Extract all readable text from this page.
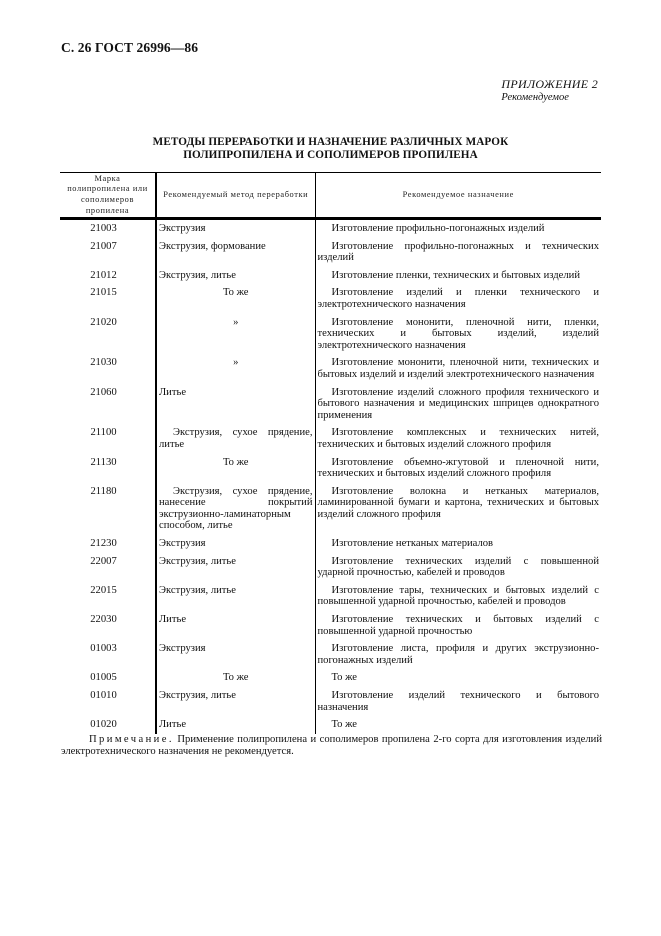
С. 26 ГОСТ 26996—86
ПРИЛОЖЕНИЕ 2
Рекомендуемое
МЕТОДЫ ПЕРЕРАБОТКИ И НАЗНАЧЕНИЕ РАЗЛИЧНЫХ МАРОК
ПОЛИПРОПИЛЕНА И СОПОЛИМЕРОВ ПРОПИЛЕНА
Марка полипропилена или сополимеров пропилена	Рекомендуемый метод переработки	Рекомендуемое назначение
21003	Экструзия	Изготовление профильно-погонажных изделий
21007	Экструзия, формование	Изготовление профильно-погонажных и технических изделий
21012	Экструзия, литье	Изготовление пленки, технических и бытовых изделий
21015	То же	Изготовление изделий и пленки технического и электротехнического назначения
21020	»	Изготовление мононити, пленочной нити, пленки, технических и бытовых изделий, изделий электротехнического назначения
21030	»	Изготовление мононити, пленочной нити, технических и бытовых изделий и изделий электротехнического назначения
21060	Литье	Изготовление изделий сложного профиля технического и бытового назначения и медицинских шприцев однократного применения
21100	Экструзия, сухое прядение, литье	Изготовление комплексных и технических нитей, технических и бытовых изделий сложного профиля
21130	То же	Изготовление объемно-жгутовой и пленочной нити, технических и бытовых изделий сложного профиля
21180	Экструзия, сухое прядение, нанесение покрытий экструзионно-ламинаторным способом, литье	Изготовление волокна и нетканых материалов, ламинированной бумаги и картона, технических и бытовых изделий сложного профиля
21230	Экструзия	Изготовление нетканых материалов
22007	Экструзия, литье	Изготовление технических изделий с повышенной ударной прочностью, кабелей и проводов
22015	Экструзия, литье	Изготовление тары, технических и бытовых изделий с повышенной ударной прочностью, кабелей и проводов
22030	Литье	Изготовление технических и бытовых изделий с повышенной ударной прочностью
01003	Экструзия	Изготовление листа, профиля и других экструзионно-погонажных изделий
01005	То же	То же
01010	Экструзия, литье	Изготовление изделий технического и бытового назначения
01020	Литье	То же
Примечание. Применение полипропилена и сополимеров пропилена 2-го сорта для изготовления изделий электротехнического назначения не рекомендуется.
